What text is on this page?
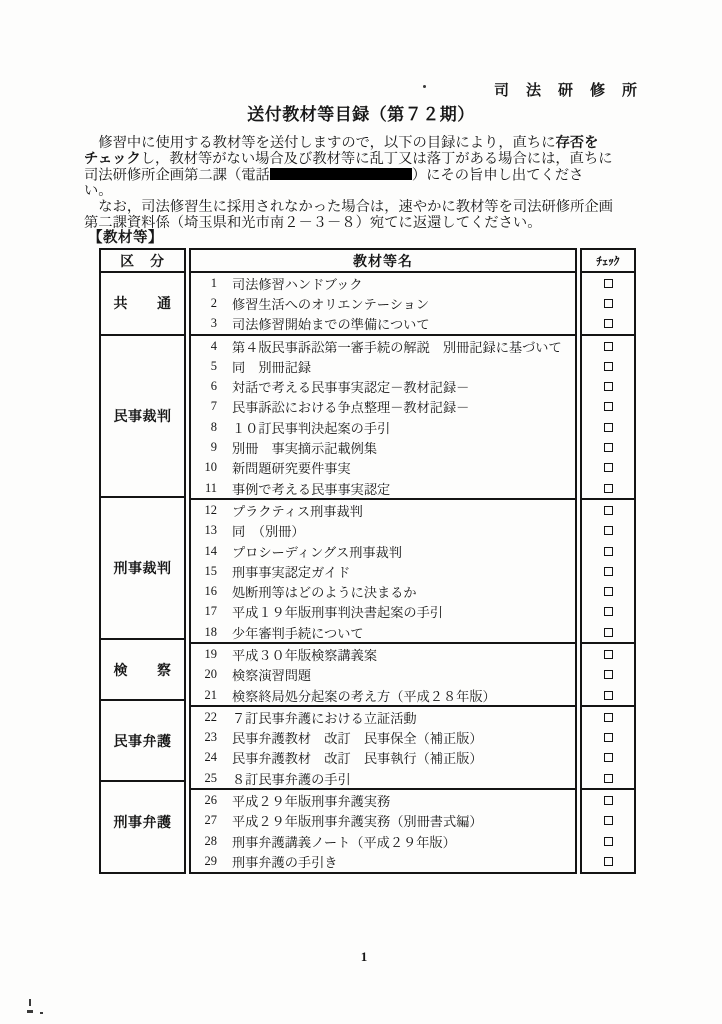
司　法　研　修　所
送付教材等目録（第７２期）
　修習中に使用する教材等を送付しますので，以下の目録により，直ちに存否を
チェックし，教材等がない場合及び教材等に乱丁又は落丁がある場合には，直ちに
司法研修所企画第二課（電話	）にその旨申し出てくださ
い。
　なお，司法修習生に採用されなかった場合は，速やかに教材等を司法研修所企画
第二課資料係（埼玉県和光市南２－３－８）宛てに返還してください。
【教材等】
区　分
共　　通
民事裁判
刑事裁判
検　　察
民事弁護
刑事弁護
教材等名
1 司法修習ハンドブック
2 修習生活へのオリエンテーション
3 司法修習開始までの準備について
4 第４版民事訴訟第一審手続の解説　別冊記録に基づいて
5 同　別冊記録
6 対話で考える民事事実認定－教材記録－
7 民事訴訟における争点整理－教材記録－
8 １０訂民事判決起案の手引
9 別冊　事実摘示記載例集
10 新問題研究要件事実
11 事例で考える民事事実認定
12 プラクティス刑事裁判
13 同　（別冊）
14 プロシーディングス刑事裁判
15 刑事事実認定ガイド
16 処断刑等はどのように決まるか
17 平成１９年版刑事判決書起案の手引
18 少年審判手続について
19 平成３０年版検察講義案
20 検察演習問題
21 検察終局処分起案の考え方（平成２８年版）
22 ７訂民事弁護における立証活動
23 民事弁護教材　改訂　民事保全（補正版）
24 民事弁護教材　改訂　民事執行（補正版）
25 ８訂民事弁護の手引
26 平成２９年版刑事弁護実務
27 平成２９年版刑事弁護実務（別冊書式編）
28 刑事弁護講義ノート（平成２９年版）
29 刑事弁護の手引き
ﾁｪｯｸ
1
